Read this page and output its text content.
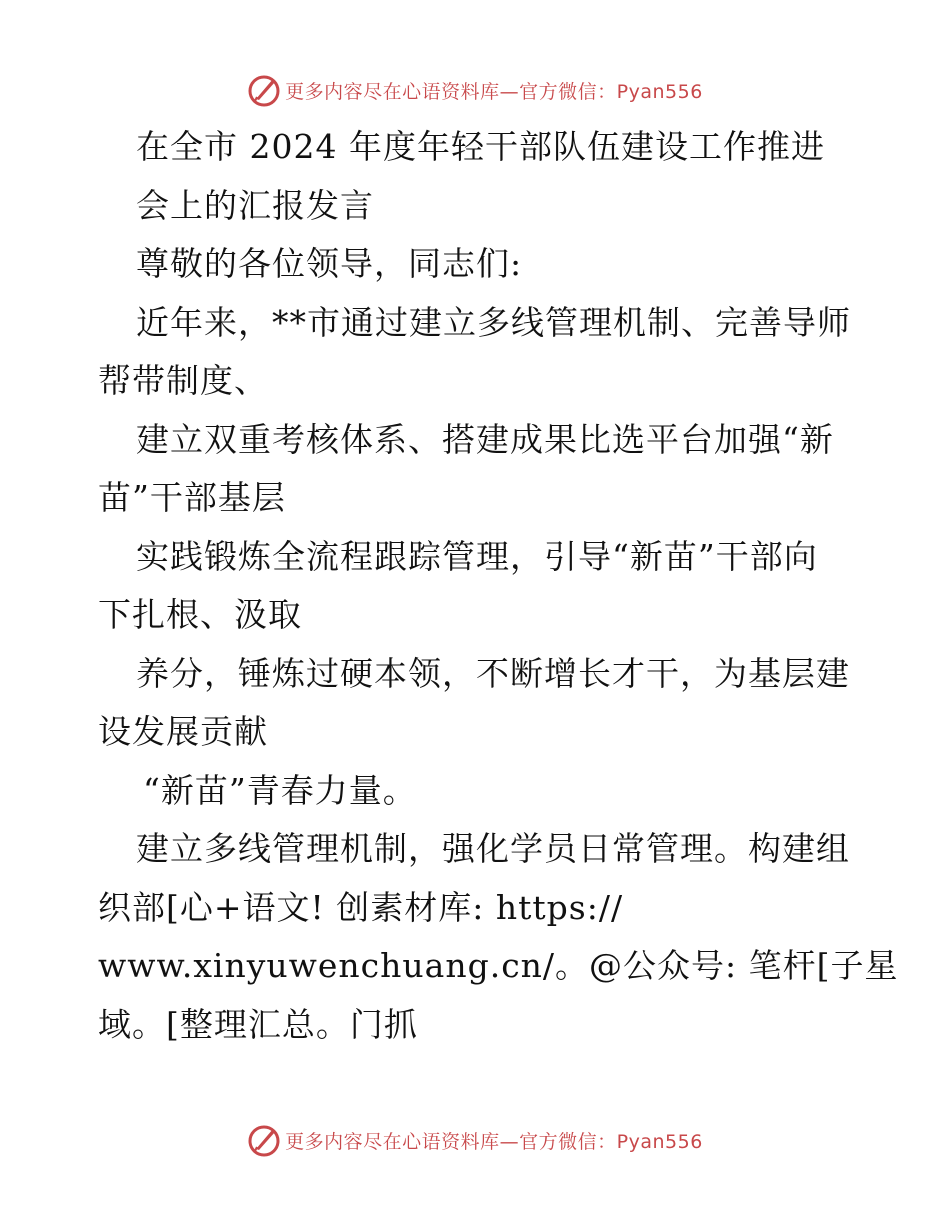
更多内容尽在心语资料库—官方微信：Pyan556
在全市 2024 年度年轻干部队伍建设工作推进
会上的汇报发言
尊敬的各位领导，同志们:
近年来，**市通过建立多线管理机制、完善导师
帮带制度、
建立双重考核体系、搭建成果比选平台加强“新
苗”干部基层
实践锻炼全流程跟踪管理，引导“新苗”干部向
下扎根、汲取
养分，锤炼过硬本领，不断增长才干，为基层建
设发展贡献
“新苗”青春力量。
建立多线管理机制，强化学员日常管理。构建组
织部[心+语文! 创素材库: https://
www.xinyuwenchuang.cn/。@公众号: 笔杆[子星
域。[整理汇总。门抓
更多内容尽在心语资料库—官方微信：Pyan556
